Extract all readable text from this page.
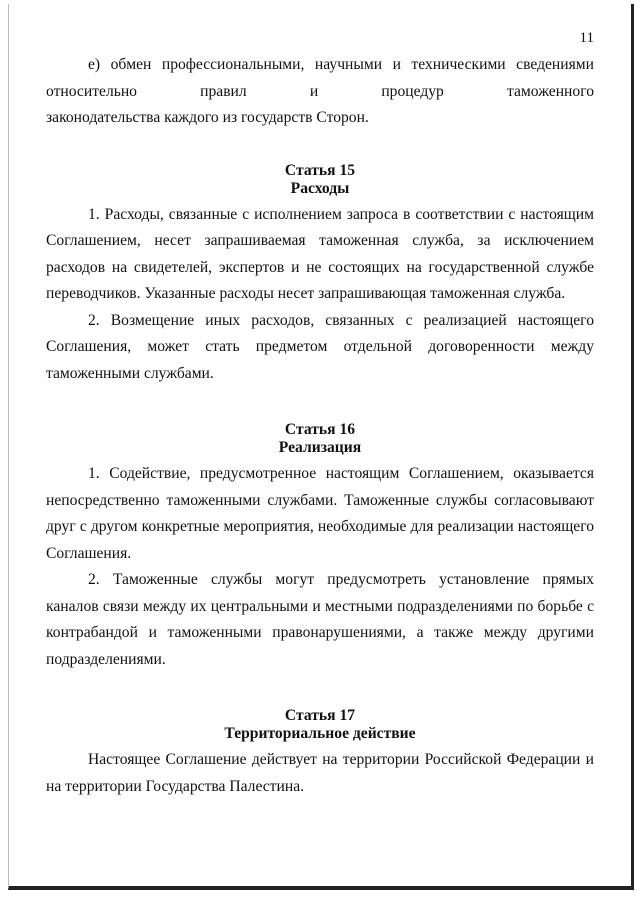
11

е) обмен профессиональными, научными и техническими сведениями относительно правил и процедур таможенного

законодательства каждого из государств Сторон.

Статья 15
Расходы

1. Расходы, связанные с исполнением запроса в соответствии с настоящим Соглашением, несет запрашиваемая таможенная служба, за исключением расходов на свидетелей, экспертов и не состоящих на государственной службе переводчиков. Указанные расходы несет запрашивающая таможенная служба.

2. Возмещение иных расходов, связанных с реализацией настоящего Соглашения, может стать предметом отдельной договоренности между таможенными службами.

Статья 16
Реализация

1. Содействие, предусмотренное настоящим Соглашением, оказывается непосредственно таможенными службами. Таможенные службы согласовывают друг с другом конкретные мероприятия, необходимые для реализации настоящего Соглашения.

2. Таможенные службы могут предусмотреть установление прямых каналов связи между их центральными и местными подразделениями по борьбе с контрабандой и таможенными правонарушениями, а также между другими подразделениями.

Статья 17
Территориальное действие

Настоящее Соглашение действует на территории Российской Федерации и на территории Государства Палестина.
